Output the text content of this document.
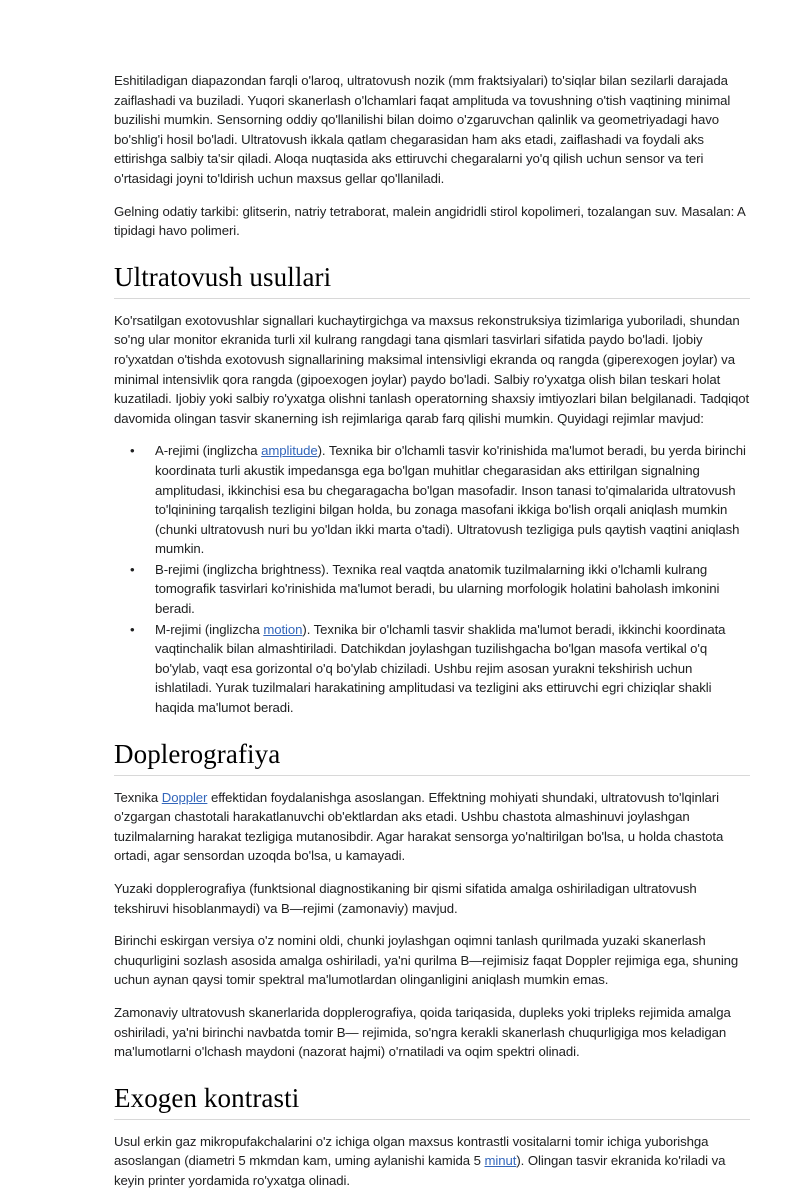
Eshitiladigan diapazondan farqli o'laroq, ultratovush nozik (mm fraktsiyalari) to'siqlar bilan sezilarli darajada zaiflashadi va buziladi. Yuqori skanerlash o'lchamlari faqat amplituda va tovushning o'tish vaqtining minimal buzilishi mumkin. Sensorning oddiy qo'llanilishi bilan doimo o'zgaruvchan qalinlik va geometriyadagi havo bo'shlig'i hosil bo'ladi. Ultratovush ikkala qatlam chegarasidan ham aks etadi, zaiflashadi va foydali aks ettirishga salbiy ta'sir qiladi. Aloqa nuqtasida aks ettiruvchi chegaralarni yo'q qilish uchun sensor va teri o'rtasidagi joyni to'ldirish uchun maxsus gellar qo'llaniladi.

Gelning odatiy tarkibi: glitserin, natriy tetraborat, malein angidridli stirol kopolimeri, tozalangan suv. Masalan: A tipidagi havo polimeri.

Ultratovush usullari

Ko'rsatilgan exotovushlar signallari kuchaytirgichga va maxsus rekonstruksiya tizimlariga yuboriladi, shundan so'ng ular monitor ekranida turli xil kulrang rangdagi tana qismlari tasvirlari sifatida paydo bo'ladi. Ijobiy ro'yxatdan o'tishda exotovush signallarining maksimal intensivligi ekranda oq rangda (giperexogen joylar) va minimal intensivlik qora rangda (gipoexogen joylar) paydo bo'ladi. Salbiy ro'yxatga olish bilan teskari holat kuzatiladi. Ijobiy yoki salbiy ro'yxatga olishni tanlash operatorning shaxsiy imtiyozlari bilan belgilanadi. Tadqiqot davomida olingan tasvir skanerning ish rejimlariga qarab farq qilishi mumkin. Quyidagi rejimlar mavjud:

• A-rejimi (inglizcha amplitude). Texnika bir o'lchamli tasvir ko'rinishida ma'lumot beradi, bu yerda birinchi koordinata turli akustik impedansga ega bo'lgan muhitlar chegarasidan aks ettirilgan signalning amplitudasi, ikkinchisi esa bu chegaragacha bo'lgan masofadir. Inson tanasi to'qimalarida ultratovush to'lqinining tarqalish tezligini bilgan holda, bu zonaga masofani ikkiga bo'lish orqali aniqlash mumkin (chunki ultratovush nuri bu yo'ldan ikki marta o'tadi). Ultratovush tezligiga puls qaytish vaqtini aniqlash mumkin.
• B-rejimi (inglizcha brightness). Texnika real vaqtda anatomik tuzilmalarning ikki o'lchamli kulrang tomografik tasvirlari ko'rinishida ma'lumot beradi, bu ularning morfologik holatini baholash imkonini beradi.
• M-rejimi (inglizcha motion). Texnika bir o'lchamli tasvir shaklida ma'lumot beradi, ikkinchi koordinata vaqtinchalik bilan almashtiriladi. Datchikdan joylashgan tuzilishgacha bo'lgan masofa vertikal o'q bo'ylab, vaqt esa gorizontal o'q bo'ylab chiziladi. Ushbu rejim asosan yurakni tekshirish uchun ishlatiladi. Yurak tuzilmalari harakatining amplitudasi va tezligini aks ettiruvchi egri chiziqlar shakli haqida ma'lumot beradi.
Doplerografiya

Texnika Doppler effektidan foydalanishga asoslangan. Effektning mohiyati shundaki, ultratovush to'lqinlari o'zgargan chastotali harakatlanuvchi ob'ektlardan aks etadi. Ushbu chastota almashinuvi joylashgan tuzilmalarning harakat tezligiga mutanosibdir. Agar harakat sensorga yo'naltirilgan bo'lsa, u holda chastota ortadi, agar sensordan uzoqda bo'lsa, u kamayadi.

Yuzaki dopplerografiya (funktsional diagnostikaning bir qismi sifatida amalga oshiriladigan ultratovush tekshiruvi hisoblanmaydi) va B—rejimi (zamonaviy) mavjud.

Birinchi eskirgan versiya o'z nomini oldi, chunki joylashgan oqimni tanlash qurilmada yuzaki skanerlash chuqurligini sozlash asosida amalga oshiriladi, ya'ni qurilma B—rejimisiz faqat Doppler rejimiga ega, shuning uchun aynan qaysi tomir spektral ma'lumotlardan olinganligini aniqlash mumkin emas.

Zamonaviy ultratovush skanerlarida dopplerografiya, qoida tariqasida, dupleks yoki tripleks rejimida amalga oshiriladi, ya'ni birinchi navbatda tomir B— rejimida, so'ngra kerakli skanerlash chuqurligiga mos keladigan ma'lumotlarni o'lchash maydoni (nazorat hajmi) o'rnatiladi va oqim spektri olinadi.

Exogen kontrasti

Usul erkin gaz mikropufakchalarini o'z ichiga olgan maxsus kontrastli vositalarni tomir ichiga yuborishga asoslangan (diametri 5 mkmdan kam, uming aylanishi kamida 5 minut). Olingan tasvir ekranida ko'riladi va keyin printer yordamida ro'yxatga olinadi.
